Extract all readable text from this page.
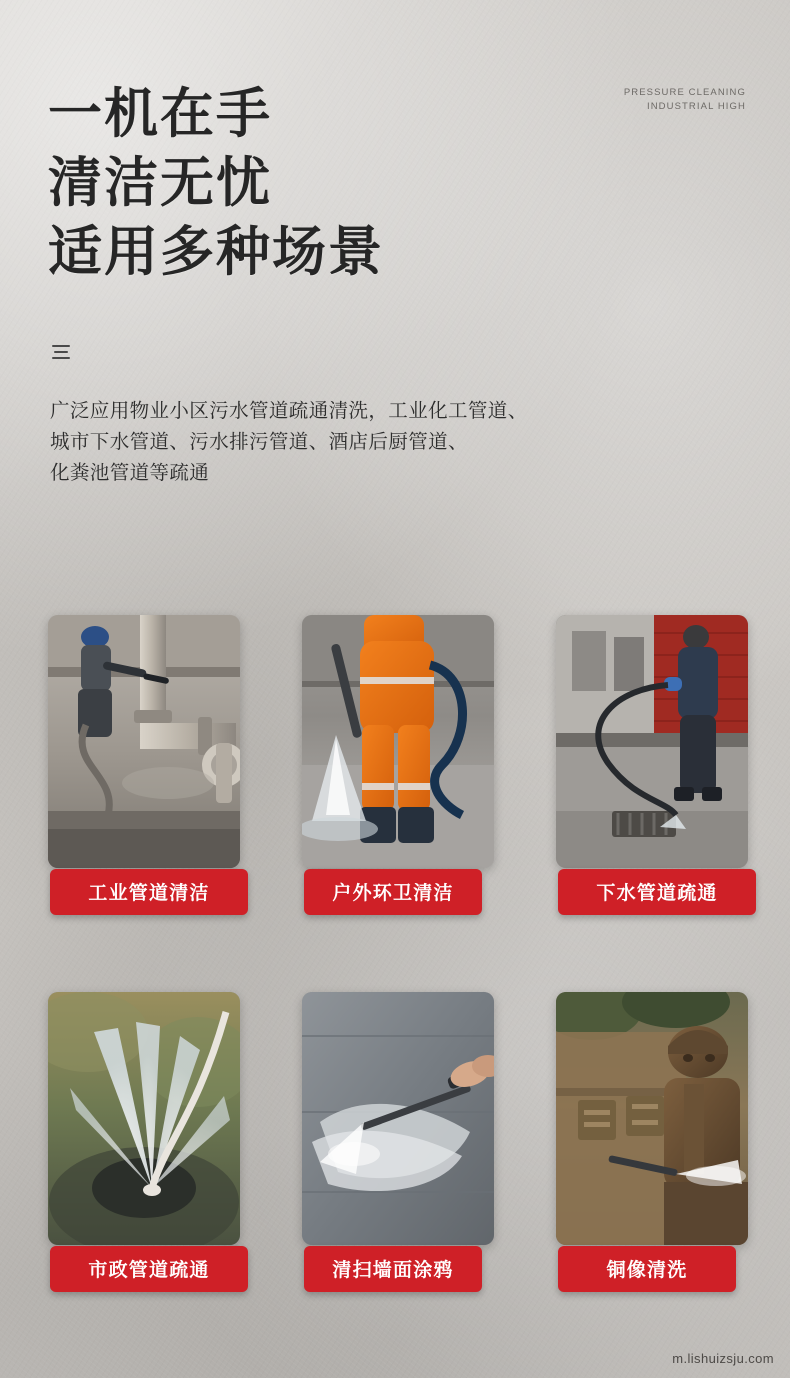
PRESSURE CLEANING
INDUSTRIAL HIGH
一机在手
清洁无忧
适用多种场景

广泛应用物业小区污水管道疏通清洗，工业化工管道、

城市下水管道、污水排污管道、酒店后厨管道、

化粪池管道等疏通

工业管道清洁	户外环卫清洁	下水管道疏通
市政管道疏通	清扫墙面涂鸦	铜像清洗
m.lishuizsju.com
